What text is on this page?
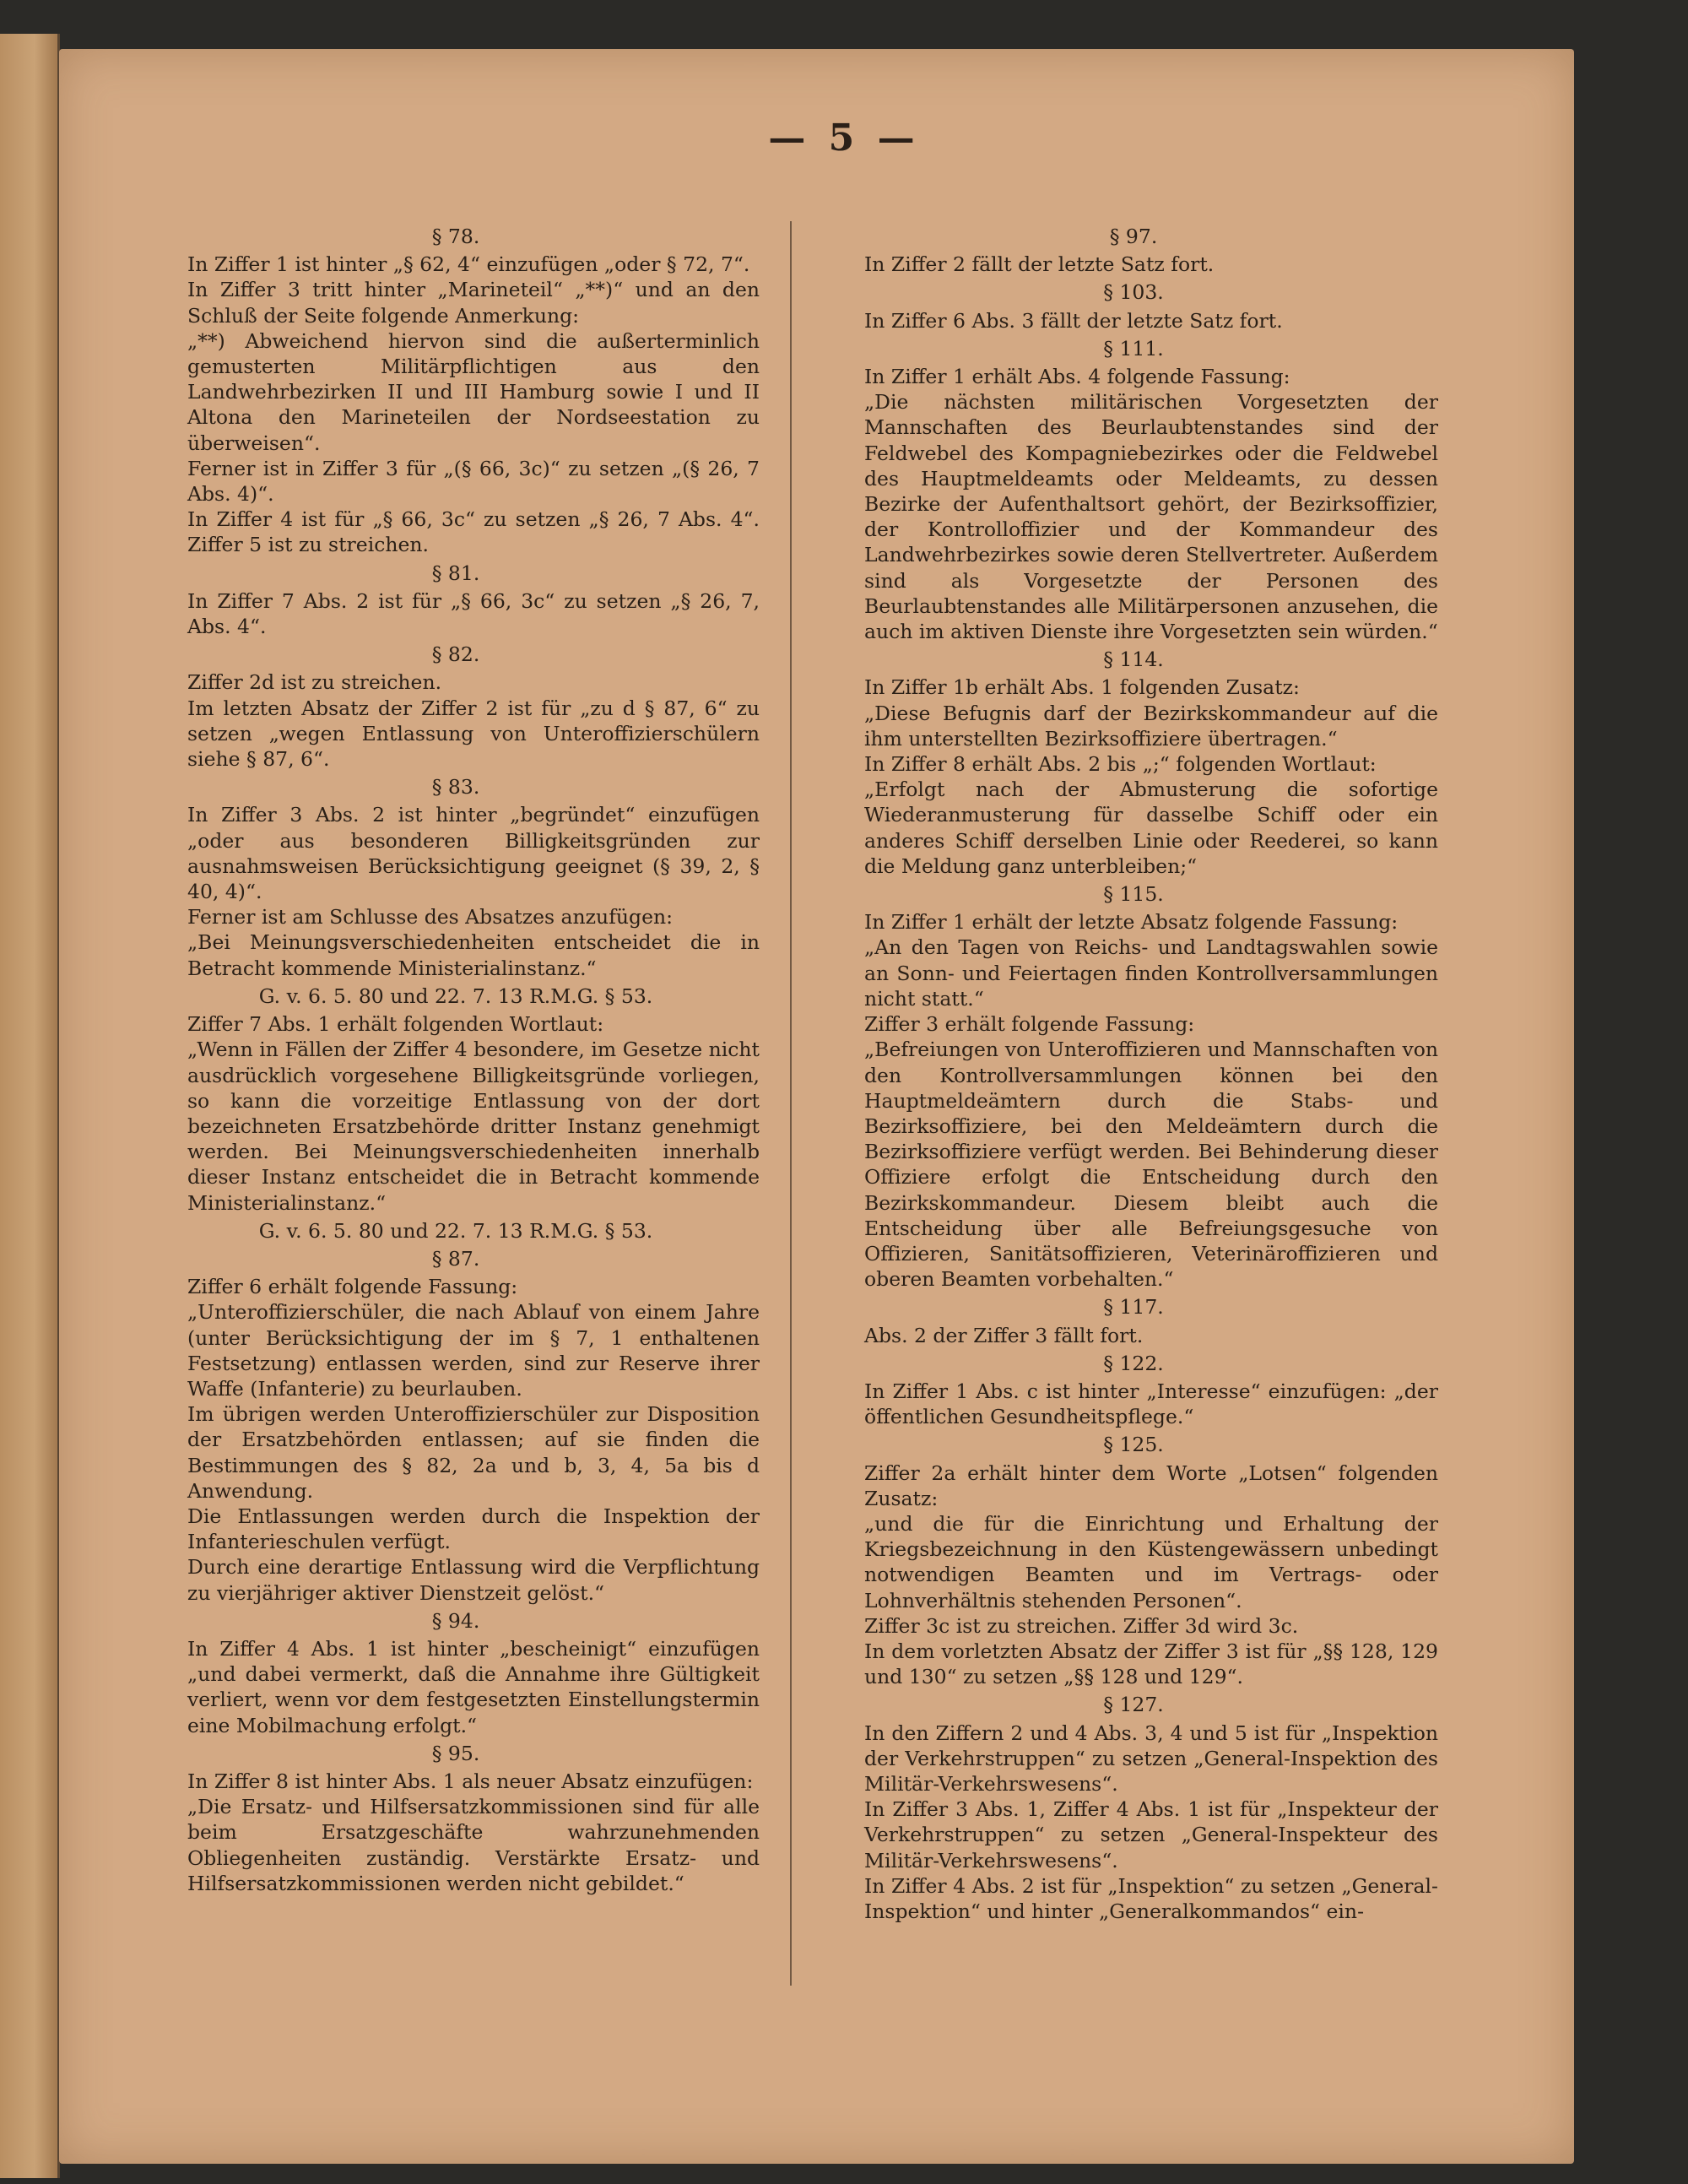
— 5 —
§ 78.
In Ziffer 1 ist hinter „§ 62, 4“ einzufügen „oder § 72, 7“.
In Ziffer 3 tritt hinter „Marineteil“ „**)“ und an den Schluß der Seite folgende Anmerkung:
„**) Abweichend hiervon sind die außerterminlich gemusterten Militärpflichtigen aus den Landwehrbezirken II und III Hamburg sowie I und II Altona den Marineteilen der Nordseestation zu überweisen“.
Ferner ist in Ziffer 3 für „(§ 66, 3c)“ zu setzen „(§ 26, 7 Abs. 4)“.
In Ziffer 4 ist für „§ 66, 3c“ zu setzen „§ 26, 7 Abs. 4“. Ziffer 5 ist zu streichen.
§ 81.
In Ziffer 7 Abs. 2 ist für „§ 66, 3c“ zu setzen „§ 26, 7, Abs. 4“.
§ 82.
Ziffer 2d ist zu streichen.
Im letzten Absatz der Ziffer 2 ist für „zu d § 87, 6“ zu setzen „wegen Entlassung von Unteroffizierschülern siehe § 87, 6“.
§ 83.
In Ziffer 3 Abs. 2 ist hinter „begründet“ einzufügen „oder aus besonderen Billigkeitsgründen zur ausnahmsweisen Berücksichtigung geeignet (§ 39, 2, § 40, 4)“.
Ferner ist am Schlusse des Absatzes anzufügen:
„Bei Meinungsverschiedenheiten entscheidet die in Betracht kommende Ministerialinstanz.“
G. v. 6. 5. 80 und 22. 7. 13 R.M.G. § 53.
Ziffer 7 Abs. 1 erhält folgenden Wortlaut:
„Wenn in Fällen der Ziffer 4 besondere, im Gesetze nicht ausdrücklich vorgesehene Billigkeitsgründe vorliegen, so kann die vorzeitige Entlassung von der dort bezeichneten Ersatzbehörde dritter Instanz genehmigt werden. Bei Meinungsverschiedenheiten innerhalb dieser Instanz entscheidet die in Betracht kommende Ministerialinstanz.“
G. v. 6. 5. 80 und 22. 7. 13 R.M.G. § 53.
§ 87.
Ziffer 6 erhält folgende Fassung:
„Unteroffizierschüler, die nach Ablauf von einem Jahre (unter Berücksichtigung der im § 7, 1 enthaltenen Festsetzung) entlassen werden, sind zur Reserve ihrer Waffe (Infanterie) zu beurlauben.
Im übrigen werden Unteroffizierschüler zur Disposition der Ersatzbehörden entlassen; auf sie finden die Bestimmungen des § 82, 2a und b, 3, 4, 5a bis d Anwendung.
Die Entlassungen werden durch die Inspektion der Infanterieschulen verfügt.
Durch eine derartige Entlassung wird die Verpflichtung zu vierjähriger aktiver Dienstzeit gelöst.“
§ 94.
In Ziffer 4 Abs. 1 ist hinter „bescheinigt“ einzufügen „und dabei vermerkt, daß die Annahme ihre Gültigkeit verliert, wenn vor dem festgesetzten Einstellungstermin eine Mobilmachung erfolgt.“
§ 95.
In Ziffer 8 ist hinter Abs. 1 als neuer Absatz einzufügen:
„Die Ersatz- und Hilfsersatzkommissionen sind für alle beim Ersatzgeschäfte wahrzunehmenden Obliegenheiten zuständig. Verstärkte Ersatz- und Hilfsersatzkommissionen werden nicht gebildet.“
§ 97.
In Ziffer 2 fällt der letzte Satz fort.
§ 103.
In Ziffer 6 Abs. 3 fällt der letzte Satz fort.
§ 111.
In Ziffer 1 erhält Abs. 4 folgende Fassung:
„Die nächsten militärischen Vorgesetzten der Mannschaften des Beurlaubtenstandes sind der Feldwebel des Kompagniebezirkes oder die Feldwebel des Hauptmeldeamts oder Meldeamts, zu dessen Bezirke der Aufenthaltsort gehört, der Bezirksoffizier, der Kontrolloffizier und der Kommandeur des Landwehrbezirkes sowie deren Stellvertreter. Außerdem sind als Vorgesetzte der Personen des Beurlaubtenstandes alle Militärpersonen anzusehen, die auch im aktiven Dienste ihre Vorgesetzten sein würden.“
§ 114.
In Ziffer 1b erhält Abs. 1 folgenden Zusatz:
„Diese Befugnis darf der Bezirkskommandeur auf die ihm unterstellten Bezirksoffiziere übertragen.“
In Ziffer 8 erhält Abs. 2 bis „;“ folgenden Wortlaut:
„Erfolgt nach der Abmusterung die sofortige Wiederanmusterung für dasselbe Schiff oder ein anderes Schiff derselben Linie oder Reederei, so kann die Meldung ganz unterbleiben;“
§ 115.
In Ziffer 1 erhält der letzte Absatz folgende Fassung:
„An den Tagen von Reichs- und Landtagswahlen sowie an Sonn- und Feiertagen finden Kontrollversammlungen nicht statt.“
Ziffer 3 erhält folgende Fassung:
„Befreiungen von Unteroffizieren und Mannschaften von den Kontrollversammlungen können bei den Hauptmeldeämtern durch die Stabs- und Bezirksoffiziere, bei den Meldeämtern durch die Bezirksoffiziere verfügt werden. Bei Behinderung dieser Offiziere erfolgt die Entscheidung durch den Bezirkskommandeur. Diesem bleibt auch die Entscheidung über alle Befreiungsgesuche von Offizieren, Sanitätsoffizieren, Veterinäroffizieren und oberen Beamten vorbehalten.“
§ 117.
Abs. 2 der Ziffer 3 fällt fort.
§ 122.
In Ziffer 1 Abs. c ist hinter „Interesse“ einzufügen: „der öffentlichen Gesundheitspflege.“
§ 125.
Ziffer 2a erhält hinter dem Worte „Lotsen“ folgenden Zusatz:
„und die für die Einrichtung und Erhaltung der Kriegsbezeichnung in den Küstengewässern unbedingt notwendigen Beamten und im Vertrags- oder Lohnverhältnis stehenden Personen“.
Ziffer 3c ist zu streichen. Ziffer 3d wird 3c.
In dem vorletzten Absatz der Ziffer 3 ist für „§§ 128, 129 und 130“ zu setzen „§§ 128 und 129“.
§ 127.
In den Ziffern 2 und 4 Abs. 3, 4 und 5 ist für „Inspektion der Verkehrstruppen“ zu setzen „General-Inspektion des Militär-Verkehrswesens“.
In Ziffer 3 Abs. 1, Ziffer 4 Abs. 1 ist für „Inspekteur der Verkehrstruppen“ zu setzen „General-Inspekteur des Militär-Verkehrswesens“.
In Ziffer 4 Abs. 2 ist für „Inspektion“ zu setzen „General-Inspektion“ und hinter „Generalkommandos“ ein-
